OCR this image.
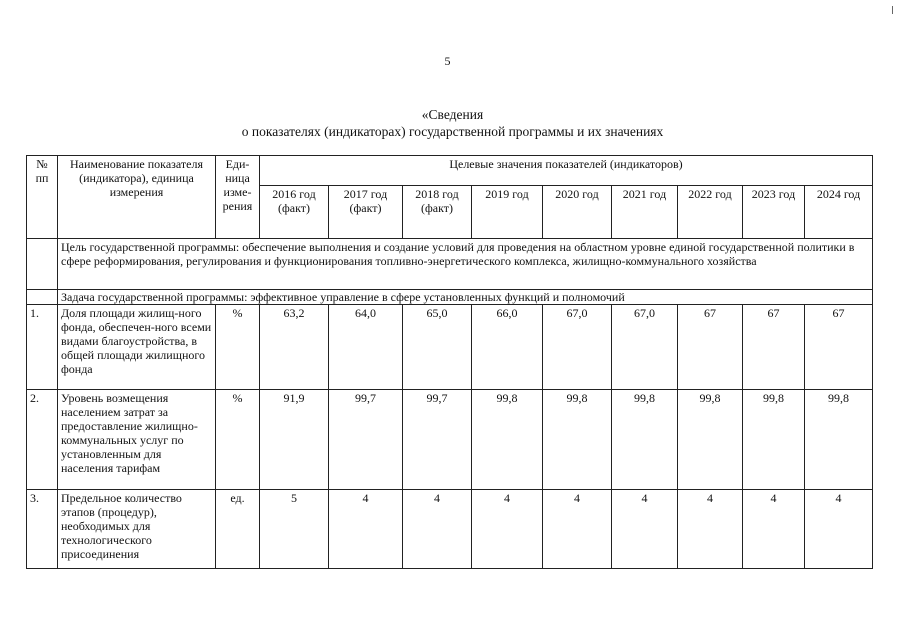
5
«Сведения
о показателях (индикаторах) государственной программы и их значениях
№ пп	Наименование показателя (индикатора), единица измерения	Еди-ница изме-рения	Целевые значения показателей (индикаторов)								
			2016 год (факт)	2017 год (факт)	2018 год (факт)	2019 год	2020 год	2021 год	2022 год	2023 год	2024 год
	Цель государственной программы: обеспечение выполнения и создание условий для проведения на областном уровне единой государственной политики в сфере реформирования, регулирования и функционирования топливно-энергетического комплекса, жилищно-коммунального хозяйства										
	Задача государственной программы: эффективное управление в сфере установленных функций и полномочий										
1.	Доля площади жилищ-ного фонда, обеспечен-ного всеми видами благоустройства, в общей площади жилищного фонда	%	63,2	64,0	65,0	66,0	67,0	67,0	67	67	67
2.	Уровень возмещения населением затрат за предоставление жилищно-коммунальных услуг по установленным для населения тарифам	%	91,9	99,7	99,7	99,8	99,8	99,8	99,8	99,8	99,8
3.	Предельное количество этапов (процедур), необходимых для технологического присоединения	ед.	5	4	4	4	4	4	4	4	4
